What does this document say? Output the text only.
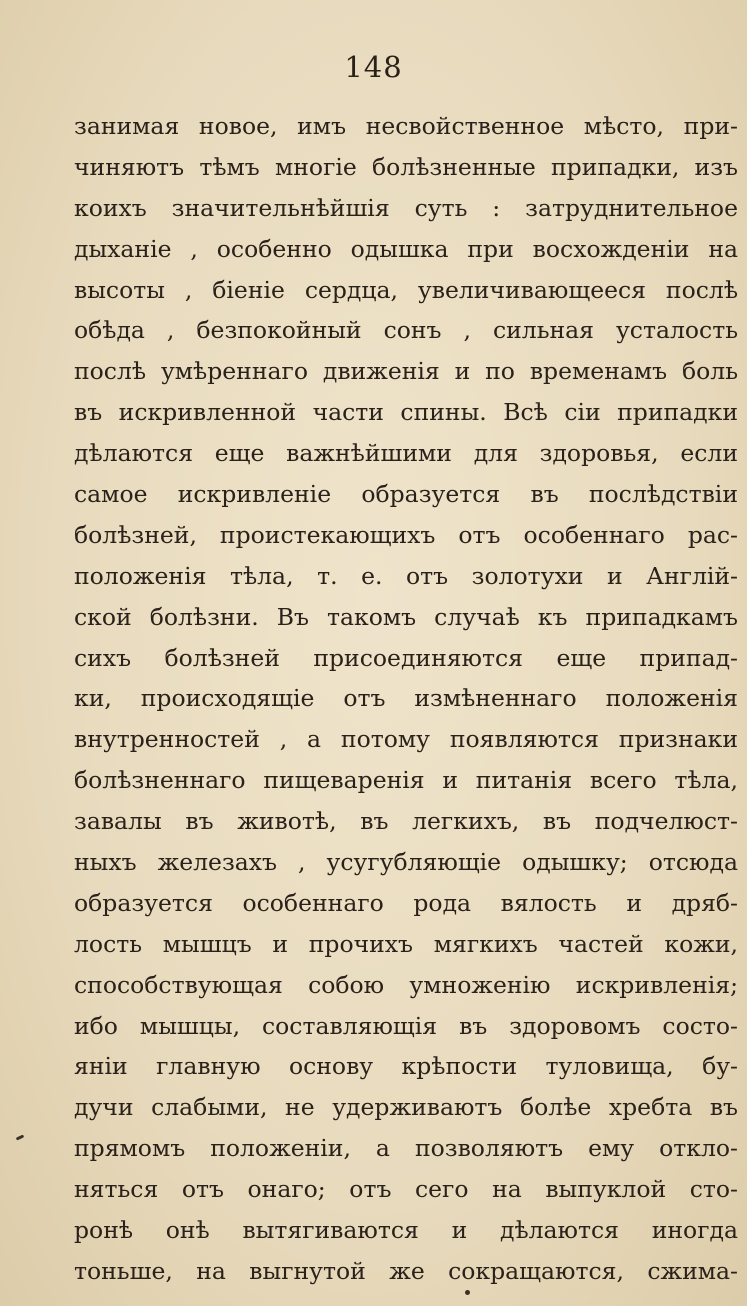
148
занимая новое, имъ несвойственное мѣсто, при-
чиняютъ тѣмъ многіе болѣзненные припадки, изъ
коихъ значительнѣйшія суть : затруднительное
дыханіе , особенно одышка при восхожденіи на
высоты , біеніе сердца, увеличивающееся послѣ
обѣда , безпокойный сонъ , сильная усталость
послѣ умѣреннаго движенія и по временамъ боль
въ искривленной части спины. Всѣ сіи припадки
дѣлаются еще важнѣйшими для здоровья, если
самое искривленіе образуется въ послѣдствіи
болѣзней, проистекающихъ отъ особеннаго рас-
положенія тѣла, т. е. отъ золотухи и Англій-
ской болѣзни. Въ такомъ случаѣ къ припадкамъ
сихъ болѣзней присоединяются еще припад-
ки, происходящіе отъ измѣненнаго положенія
внутренностей , а потому появляются признаки
болѣзненнаго пищеваренія и питанія всего тѣла,
завалы въ животѣ, въ легкихъ, въ подчелюст-
ныхъ железахъ , усугубляющіе одышку; отсюда
образуется особеннаго рода вялость и дряб-
лость мышцъ и прочихъ мягкихъ частей кожи,
способствующая собою умноженію искривленія;
ибо мышцы, составляющія въ здоровомъ состо-
яніи главную основу крѣпости туловища, бу-
дучи слабыми, не удерживаютъ болѣе хребта въ
прямомъ положеніи, а позволяютъ ему откло-
няться отъ онаго; отъ сего на выпуклой сто-
ронѣ онѣ вытягиваются и дѣлаются иногда
тоньше, на выгнутой же сокращаются, сжима-
